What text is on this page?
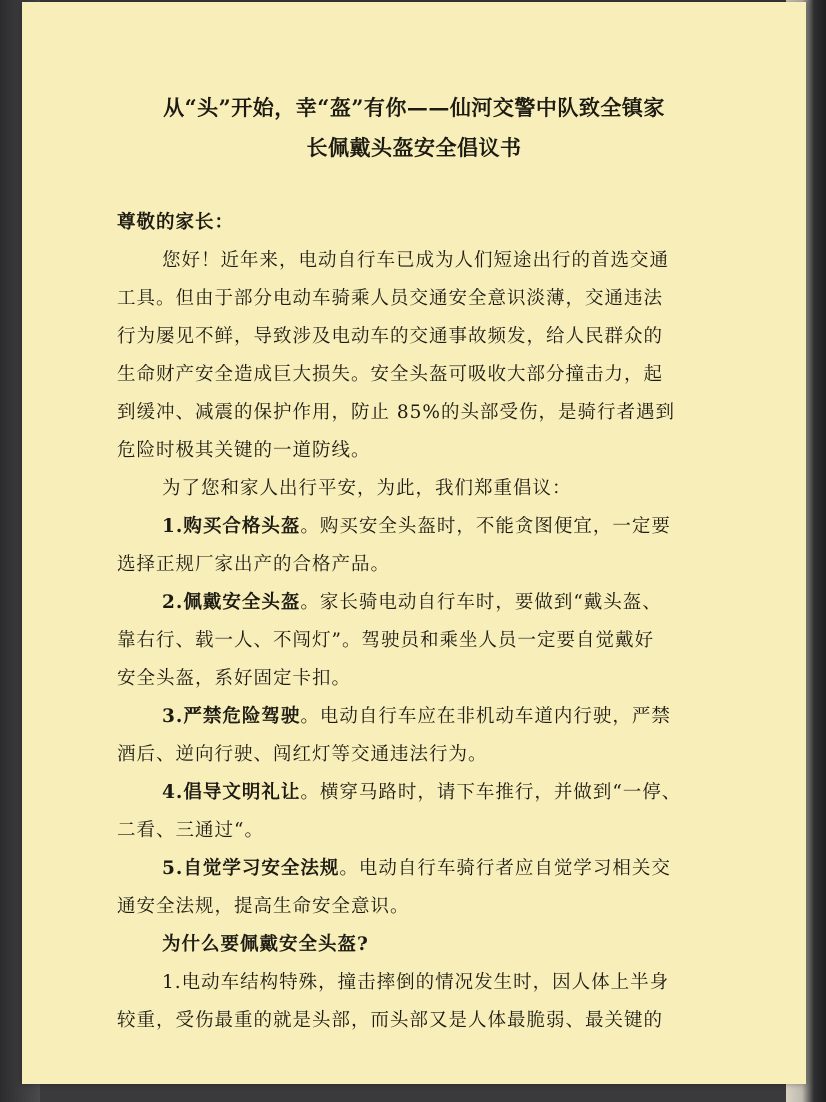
从“头”开始，幸“盔”有你——仙河交警中队致全镇家
长佩戴头盔安全倡议书
尊敬的家长：
您好！近年来，电动自行车已成为人们短途出行的首选交通
工具。但由于部分电动车骑乘人员交通安全意识淡薄，交通违法
行为屡见不鲜，导致涉及电动车的交通事故频发，给人民群众的
生命财产安全造成巨大损失。安全头盔可吸收大部分撞击力，起
到缓冲、减震的保护作用，防止 85%的头部受伤，是骑行者遇到
危险时极其关键的一道防线。
为了您和家人出行平安，为此，我们郑重倡议：
1.购买合格头盔。购买安全头盔时，不能贪图便宜，一定要
选择正规厂家出产的合格产品。
2.佩戴安全头盔。家长骑电动自行车时，要做到“戴头盔、
靠右行、载一人、不闯灯”。驾驶员和乘坐人员一定要自觉戴好
安全头盔，系好固定卡扣。
3.严禁危险驾驶。电动自行车应在非机动车道内行驶，严禁
酒后、逆向行驶、闯红灯等交通违法行为。
4.倡导文明礼让。横穿马路时，请下车推行，并做到“一停、
二看、三通过“。
5.自觉学习安全法规。电动自行车骑行者应自觉学习相关交
通安全法规，提高生命安全意识。
为什么要佩戴安全头盔?
1.电动车结构特殊，撞击摔倒的情况发生时，因人体上半身
较重，受伤最重的就是头部，而头部又是人体最脆弱、最关键的
